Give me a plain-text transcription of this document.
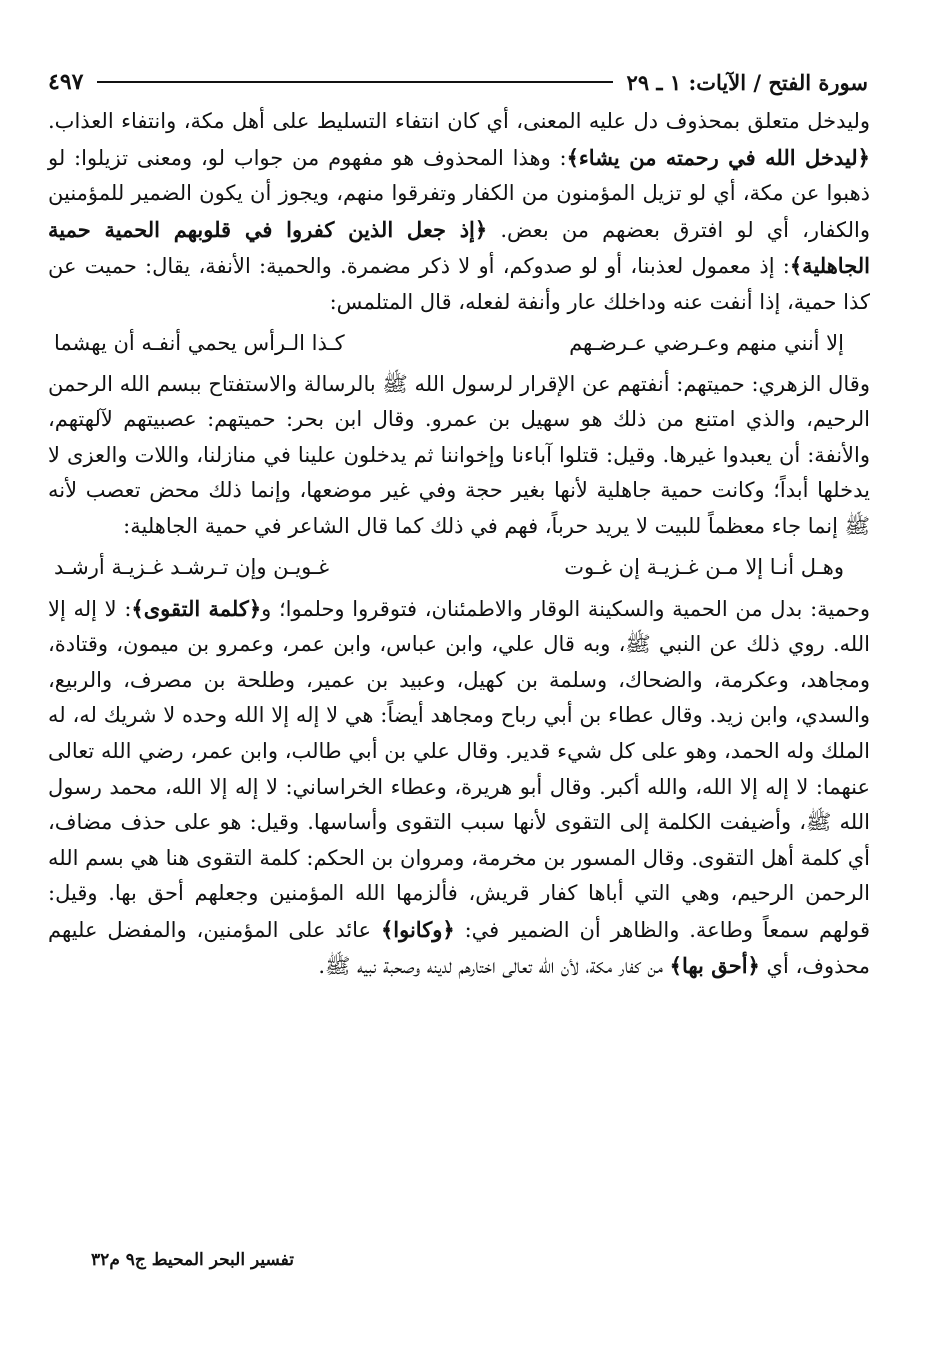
سورة الفتح / الآيات: ١ ـ ٢٩
٤٩٧

وليدخل متعلق بمحذوف دل عليه المعنى، أي كان انتفاء التسليط على أهل مكة، وانتفاء العذاب. ﴿ليدخل الله في رحمته من يشاء﴾: وهذا المحذوف هو مفهوم من جواب لو، ومعنى تزيلوا: لو ذهبوا عن مكة، أي لو تزيل المؤمنون من الكفار وتفرقوا منهم، ويجوز أن يكون الضمير للمؤمنين والكفار، أي لو افترق بعضهم من بعض. ﴿إذ جعل الذين كفروا في قلوبهم الحمية حمية الجاهلية﴾: إذ معمول لعذبنا، أو لو صدوكم، أو لا ذكر مضمرة. والحمية: الأنفة، يقال: حميت عن كذا حمية، إذا أنفت عنه وداخلك عار وأنفة لفعله، قال المتلمس:

إلا أنني منهم وعـرضي عـرضـهم
كـذا الـرأس يحمي أنفـه أن يهشما

وقال الزهري: حميتهم: أنفتهم عن الإقرار لرسول الله ﷺ بالرسالة والاستفتاح ببسم الله الرحمن الرحيم، والذي امتنع من ذلك هو سهيل بن عمرو. وقال ابن بحر: حميتهم: عصبيتهم لآلهتهم، والأنفة: أن يعبدوا غيرها. وقيل: قتلوا آباءنا وإخواننا ثم يدخلون علينا في منازلنا، واللات والعزى لا يدخلها أبداً؛ وكانت حمية جاهلية لأنها بغير حجة وفي غير موضعها، وإنما ذلك محض تعصب لأنه ﷺ إنما جاء معظماً للبيت لا يريد حرباً، فهم في ذلك كما قال الشاعر في حمية الجاهلية:

وهـل أنـا إلا مـن غـزيـة إن غـوت
غـويـن وإن تـرشـد غـزيـة أرشـد

وحمية: بدل من الحمية والسكينة الوقار والاطمئنان، فتوقروا وحلموا؛ و﴿كلمة التقوى﴾: لا إله إلا الله. روي ذلك عن النبي ﷺ، وبه قال علي، وابن عباس، وابن عمر، وعمرو بن ميمون، وقتادة، ومجاهد، وعكرمة، والضحاك، وسلمة بن كهيل، وعبيد بن عمير، وطلحة بن مصرف، والربيع، والسدي، وابن زيد. وقال عطاء بن أبي رباح ومجاهد أيضاً: هي لا إله إلا الله وحده لا شريك له، له الملك وله الحمد، وهو على كل شيء قدير. وقال علي بن أبي طالب، وابن عمر، رضي الله تعالى عنهما: لا إله إلا الله، والله أكبر. وقال أبو هريرة، وعطاء الخراساني: لا إله إلا الله، محمد رسول الله ﷺ، وأضيفت الكلمة إلى التقوى لأنها سبب التقوى وأساسها. وقيل: هو على حذف مضاف، أي كلمة أهل التقوى. وقال المسور بن مخرمة، ومروان بن الحكم: كلمة التقوى هنا هي بسم الله الرحمن الرحيم، وهي التي أباها كفار قريش، فألزمها الله المؤمنين وجعلهم أحق بها. وقيل: قولهم سمعاً وطاعة. والظاهر أن الضمير في: ﴿وكانوا﴾ عائد على المؤمنين، والمفضل عليهم محذوف، أي ﴿أحق بها﴾ من كفار مكة، لأن الله تعالى اختارهم لدينه وصحبة نبيه ﷺ.

تفسير البحر المحيط ج٩ م٣٢
